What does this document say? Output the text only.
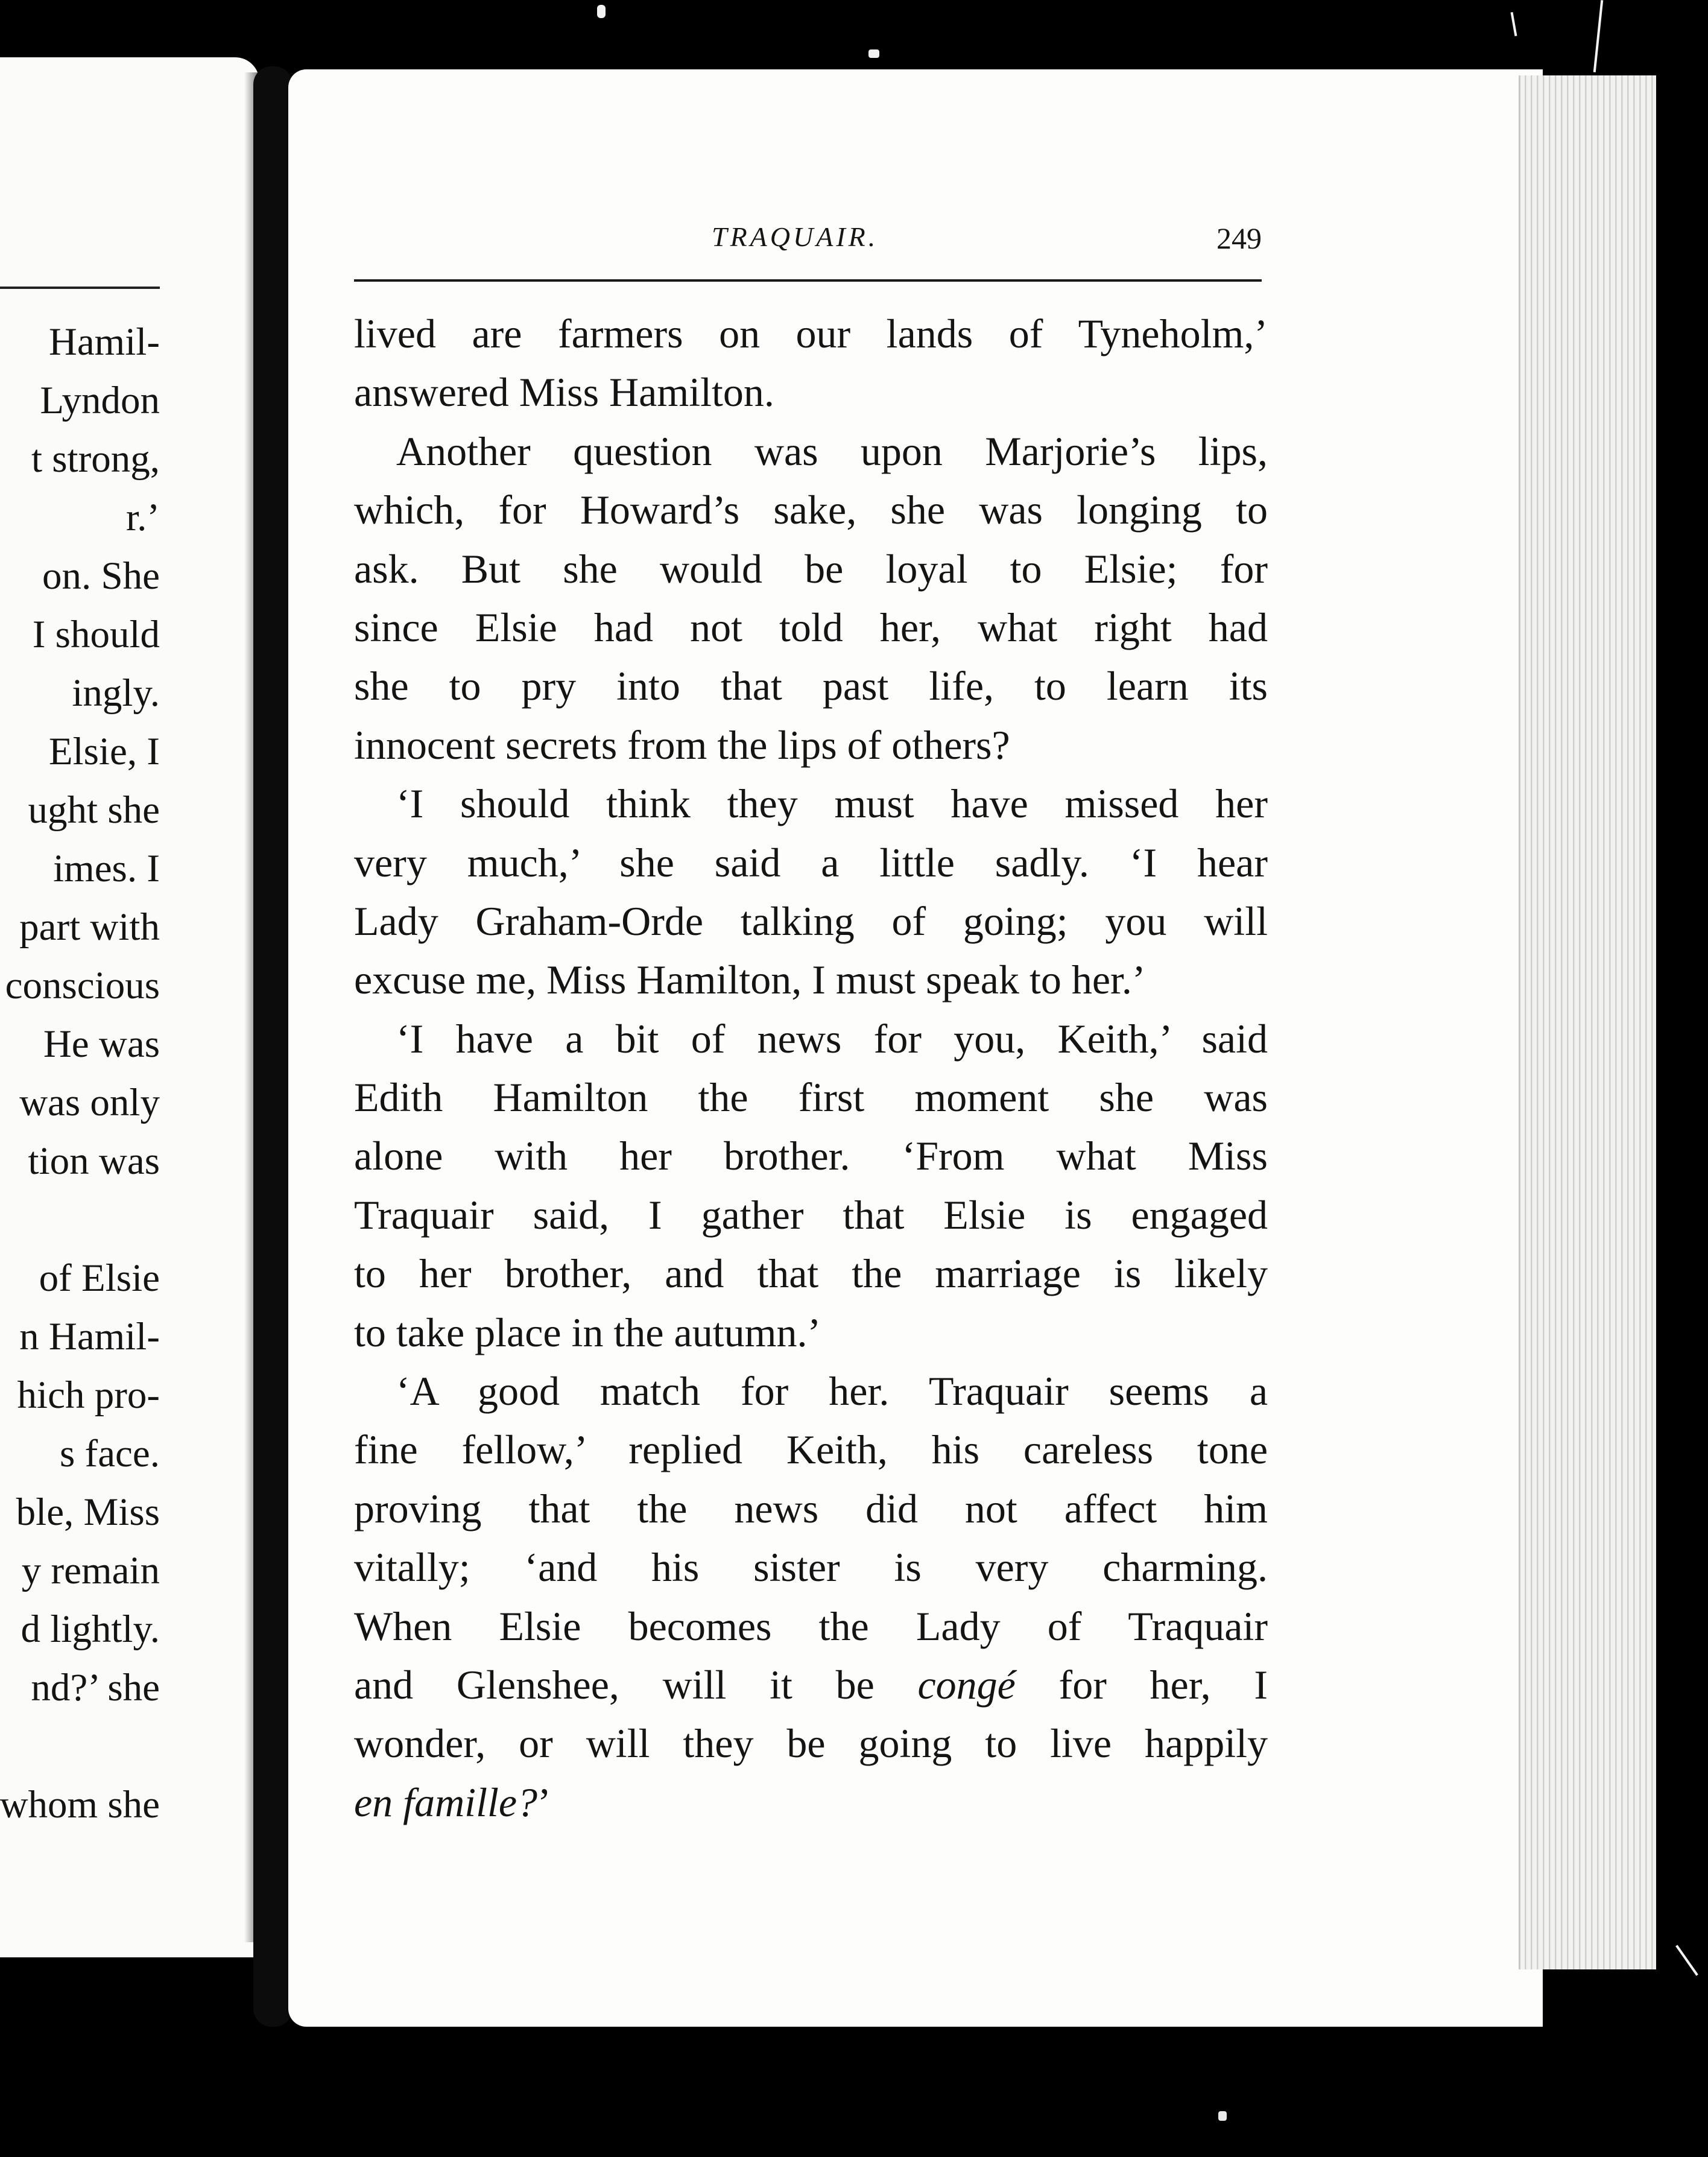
Hamil-
Lyndon
t strong,
r.’
on. She
I should
ingly.
Elsie, I
ught she
imes. I
part with
conscious
He was
was only
tion was
of Elsie
n Hamil-
hich pro-
s face.
ble, Miss
y remain
d lightly.
nd?’ she
whom she
TRAQUAIR.	249
lived are farmers on our lands of Tyneholm,’
answered Miss Hamilton.
Another question was upon Marjorie’s lips,
which, for Howard’s sake, she was longing to
ask. But she would be loyal to Elsie; for
since Elsie had not told her, what right had
she to pry into that past life, to learn its
innocent secrets from the lips of others?
‘I should think they must have missed her
very much,’ she said a little sadly. ‘I hear
Lady Graham-Orde talking of going; you will
excuse me, Miss Hamilton, I must speak to her.’
‘I have a bit of news for you, Keith,’ said
Edith Hamilton the first moment she was
alone with her brother. ‘From what Miss
Traquair said, I gather that Elsie is engaged
to her brother, and that the marriage is likely
to take place in the autumn.’
‘A good match for her. Traquair seems a
fine fellow,’ replied Keith, his careless tone
proving that the news did not affect him
vitally; ‘and his sister is very charming.
When Elsie becomes the Lady of Traquair
and Glenshee, will it be congé for her, I
wonder, or will they be going to live happily
en famille?’
